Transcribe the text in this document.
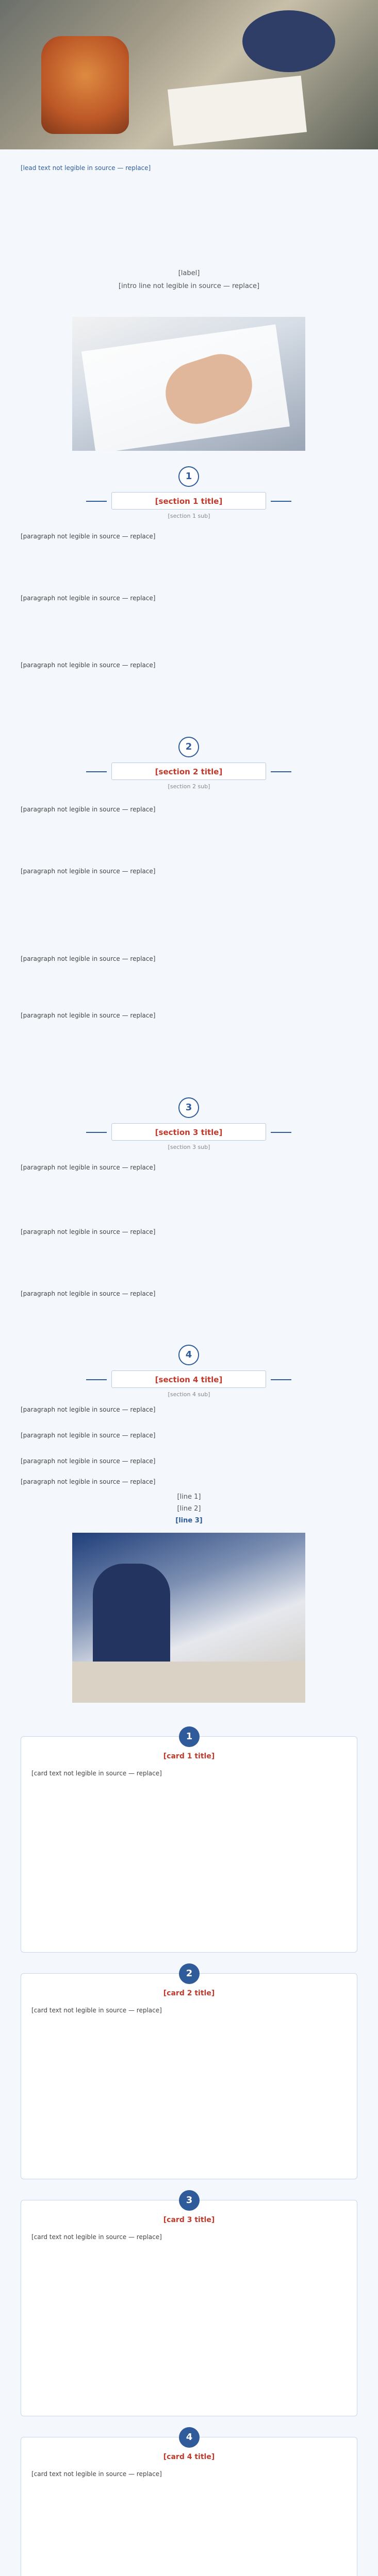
[lead text not legible in source — replace]

[label]
[intro line not legible in source — replace]
1
[section 1 title]
[section 1 sub]

[paragraph not legible in source — replace]

[paragraph not legible in source — replace]

[paragraph not legible in source — replace]

2
[section 2 title]
[section 2 sub]

[paragraph not legible in source — replace]

[paragraph not legible in source — replace]

[paragraph not legible in source — replace]

[paragraph not legible in source — replace]

3
[section 3 title]
[section 3 sub]

[paragraph not legible in source — replace]

[paragraph not legible in source — replace]

[paragraph not legible in source — replace]

4
[section 4 title]
[section 4 sub]

[paragraph not legible in source — replace]

[paragraph not legible in source — replace]

[paragraph not legible in source — replace]

[paragraph not legible in source — replace]

[line 1]
[line 2]
[line 3]
1
[card 1 title]

[card text not legible in source — replace]

2
[card 2 title]

[card text not legible in source — replace]

3
[card 3 title]

[card text not legible in source — replace]

4
[card 4 title]

[card text not legible in source — replace]
